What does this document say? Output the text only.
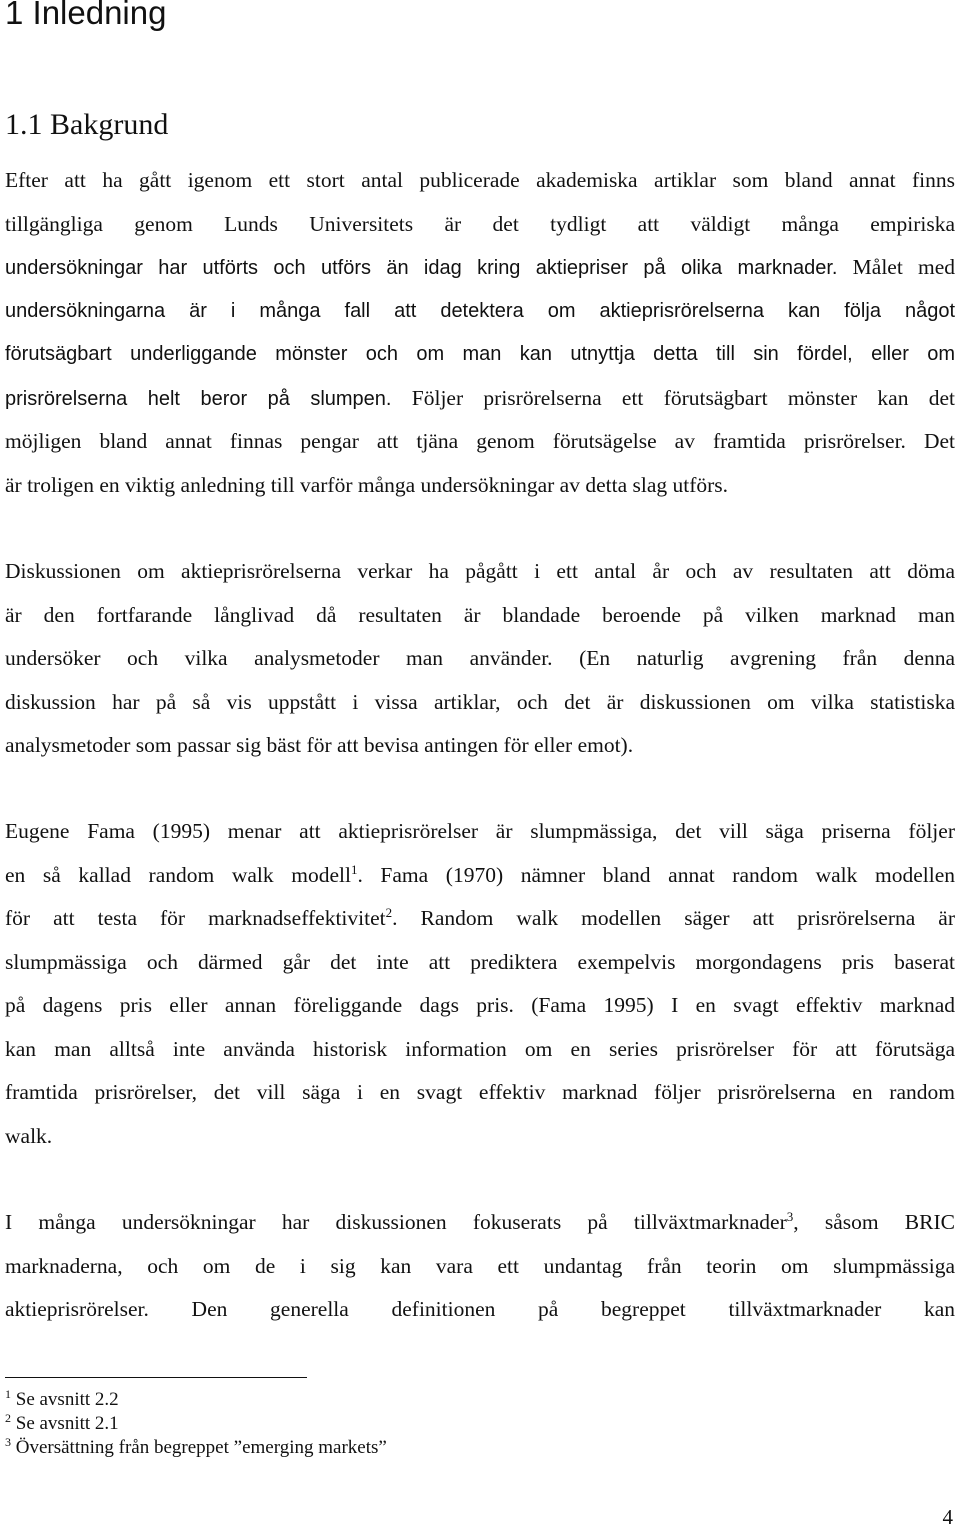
1 Inledning
1.1 Bakgrund
Efter att ha gått igenom ett stort antal publicerade akademiska artiklar som bland annat finns
tillgängliga genom Lunds Universitets är det tydligt att väldigt många empiriska
undersökningar har utförts och utförs än idag kring aktiepriser på olika marknader. Målet med
undersökningarna är i många fall att detektera om aktieprisrörelserna kan följa något
förutsägbart underliggande mönster och om man kan utnyttja detta till sin fördel, eller om
prisrörelserna helt beror på slumpen. Följer prisrörelserna ett förutsägbart mönster kan det
möjligen bland annat finnas pengar att tjäna genom förutsägelse av framtida prisrörelser. Det
är troligen en viktig anledning till varför många undersökningar av detta slag utförs.
Diskussionen om aktieprisrörelserna verkar ha pågått i ett antal år och av resultaten att döma
är den fortfarande långlivad då resultaten är blandade beroende på vilken marknad man
undersöker och vilka analysmetoder man använder. (En naturlig avgrening från denna
diskussion har på så vis uppstått i vissa artiklar, och det är diskussionen om vilka statistiska
analysmetoder som passar sig bäst för att bevisa antingen för eller emot).
Eugene Fama (1995) menar att aktieprisrörelser är slumpmässiga, det vill säga priserna följer
en så kallad random walk modell$^1$. Fama (1970) nämner bland annat random walk modellen
för att testa för marknadseffektivitet$^2$. Random walk modellen säger att prisrörelserna är
slumpmässiga och därmed går det inte att prediktera exempelvis morgondagens pris baserat
på dagens pris eller annan föreliggande dags pris. (Fama 1995) I en svagt effektiv marknad
kan man alltså inte använda historisk information om en series prisrörelser för att förutsäga
framtida prisrörelser, det vill säga i en svagt effektiv marknad följer prisrörelserna en random
walk.
I många undersökningar har diskussionen fokuserats på tillväxtmarknader$^3$, såsom BRIC
marknaderna, och om de i sig kan vara ett undantag från teorin om slumpmässiga
aktieprisrörelser. Den generella definitionen på begreppet tillväxtmarknader kan
$^1$ Se avsnitt 2.2
$^2$ Se avsnitt 2.1
$^3$ Översättning från begreppet ”emerging markets”
4
